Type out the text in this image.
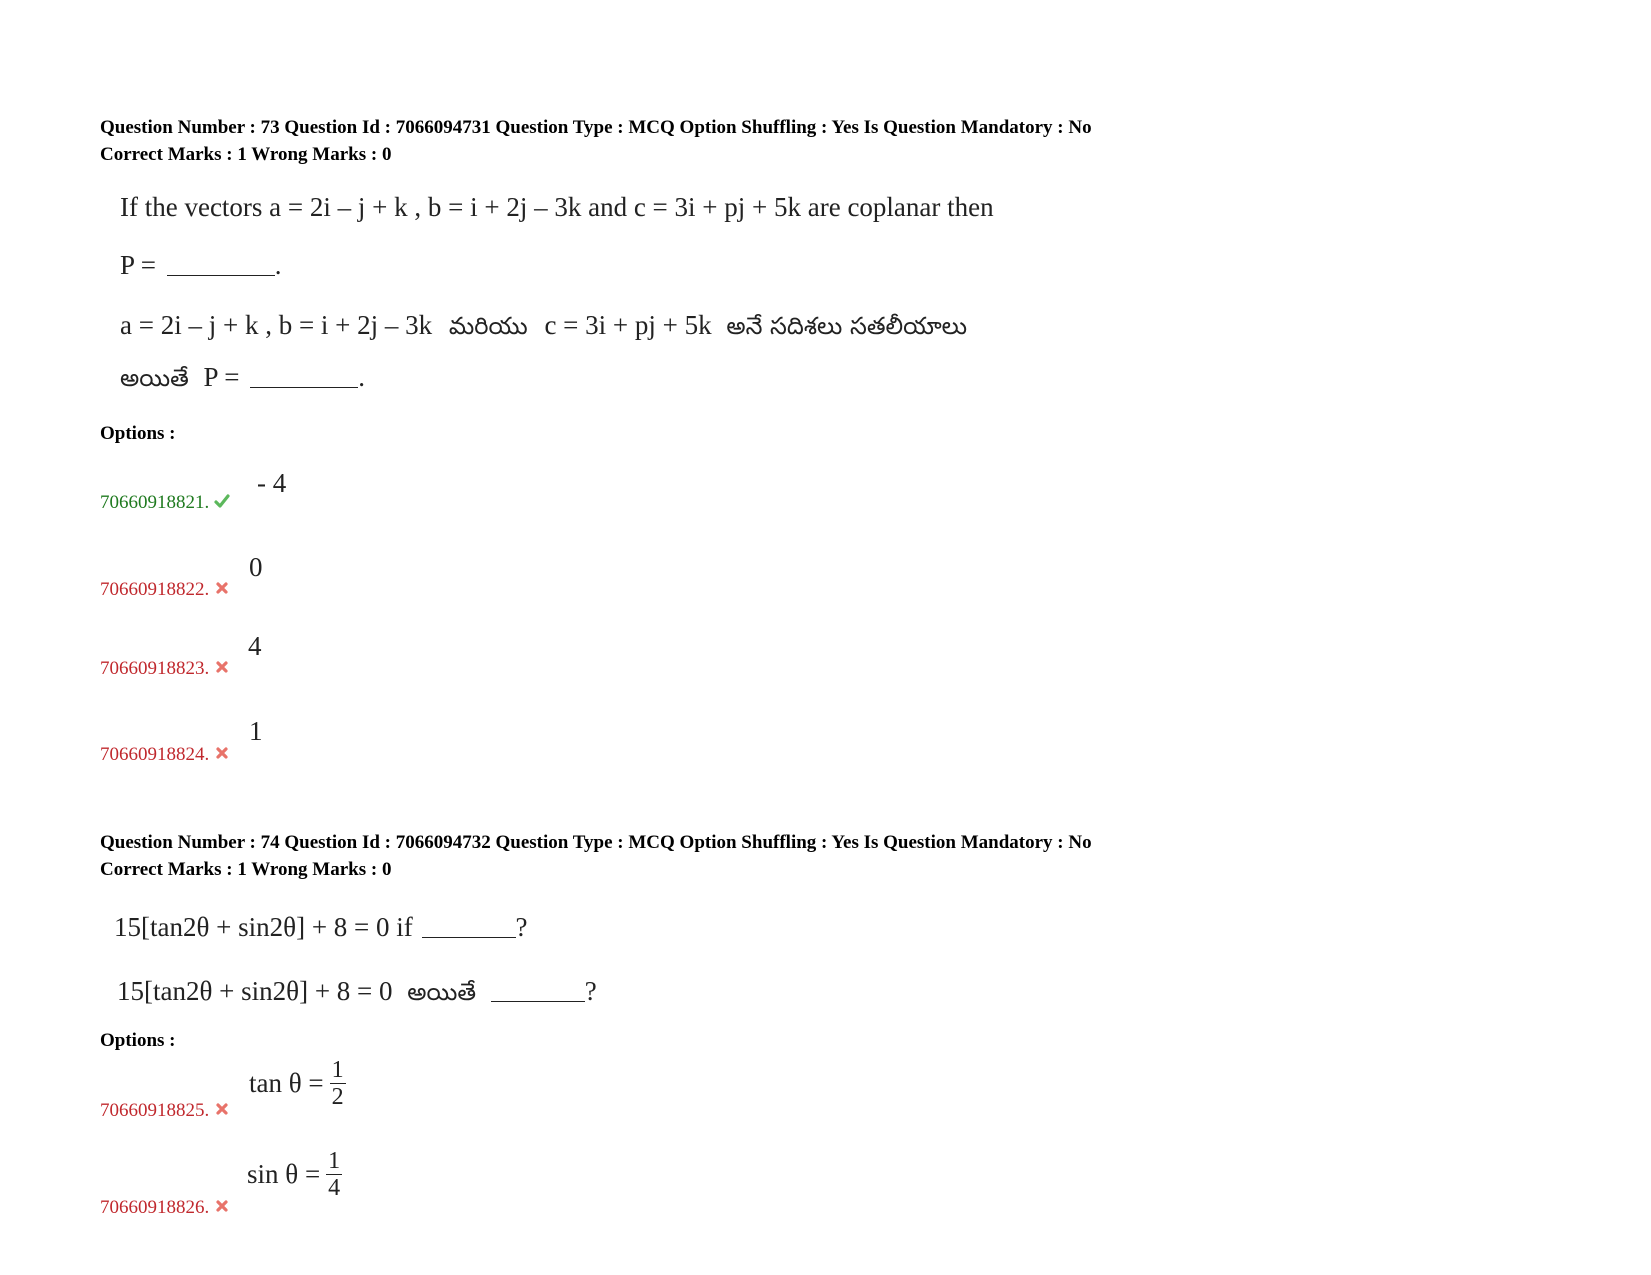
Question Number : 73 Question Id : 7066094731 Question Type : MCQ Option Shuffling : Yes Is Question Mandatory : No
Correct Marks : 1 Wrong Marks : 0
If the vectors a = 2i – j + k , b = i + 2j – 3k and c = 3i + pj + 5k are coplanar then
P =	.
a = 2i – j + k , b = i + 2j – 3k మరియు c = 3i + pj + 5k అనే సదిశలు సతలీయాలు
అయితే P =	.
Options :
70660918821.
- 4
70660918822.
0
70660918823.
4
70660918824.
1
Question Number : 74 Question Id : 7066094732 Question Type : MCQ Option Shuffling : Yes Is Question Mandatory : No
Correct Marks : 1 Wrong Marks : 0
15[tan2θ + sin2θ] + 8 = 0 if	?
15[tan2θ + sin2θ] + 8 = 0 అయితే	?
Options :
70660918825.
$\tan \theta = \frac{1}{2}$
70660918826.
$\sin \theta = \frac{1}{4}$
